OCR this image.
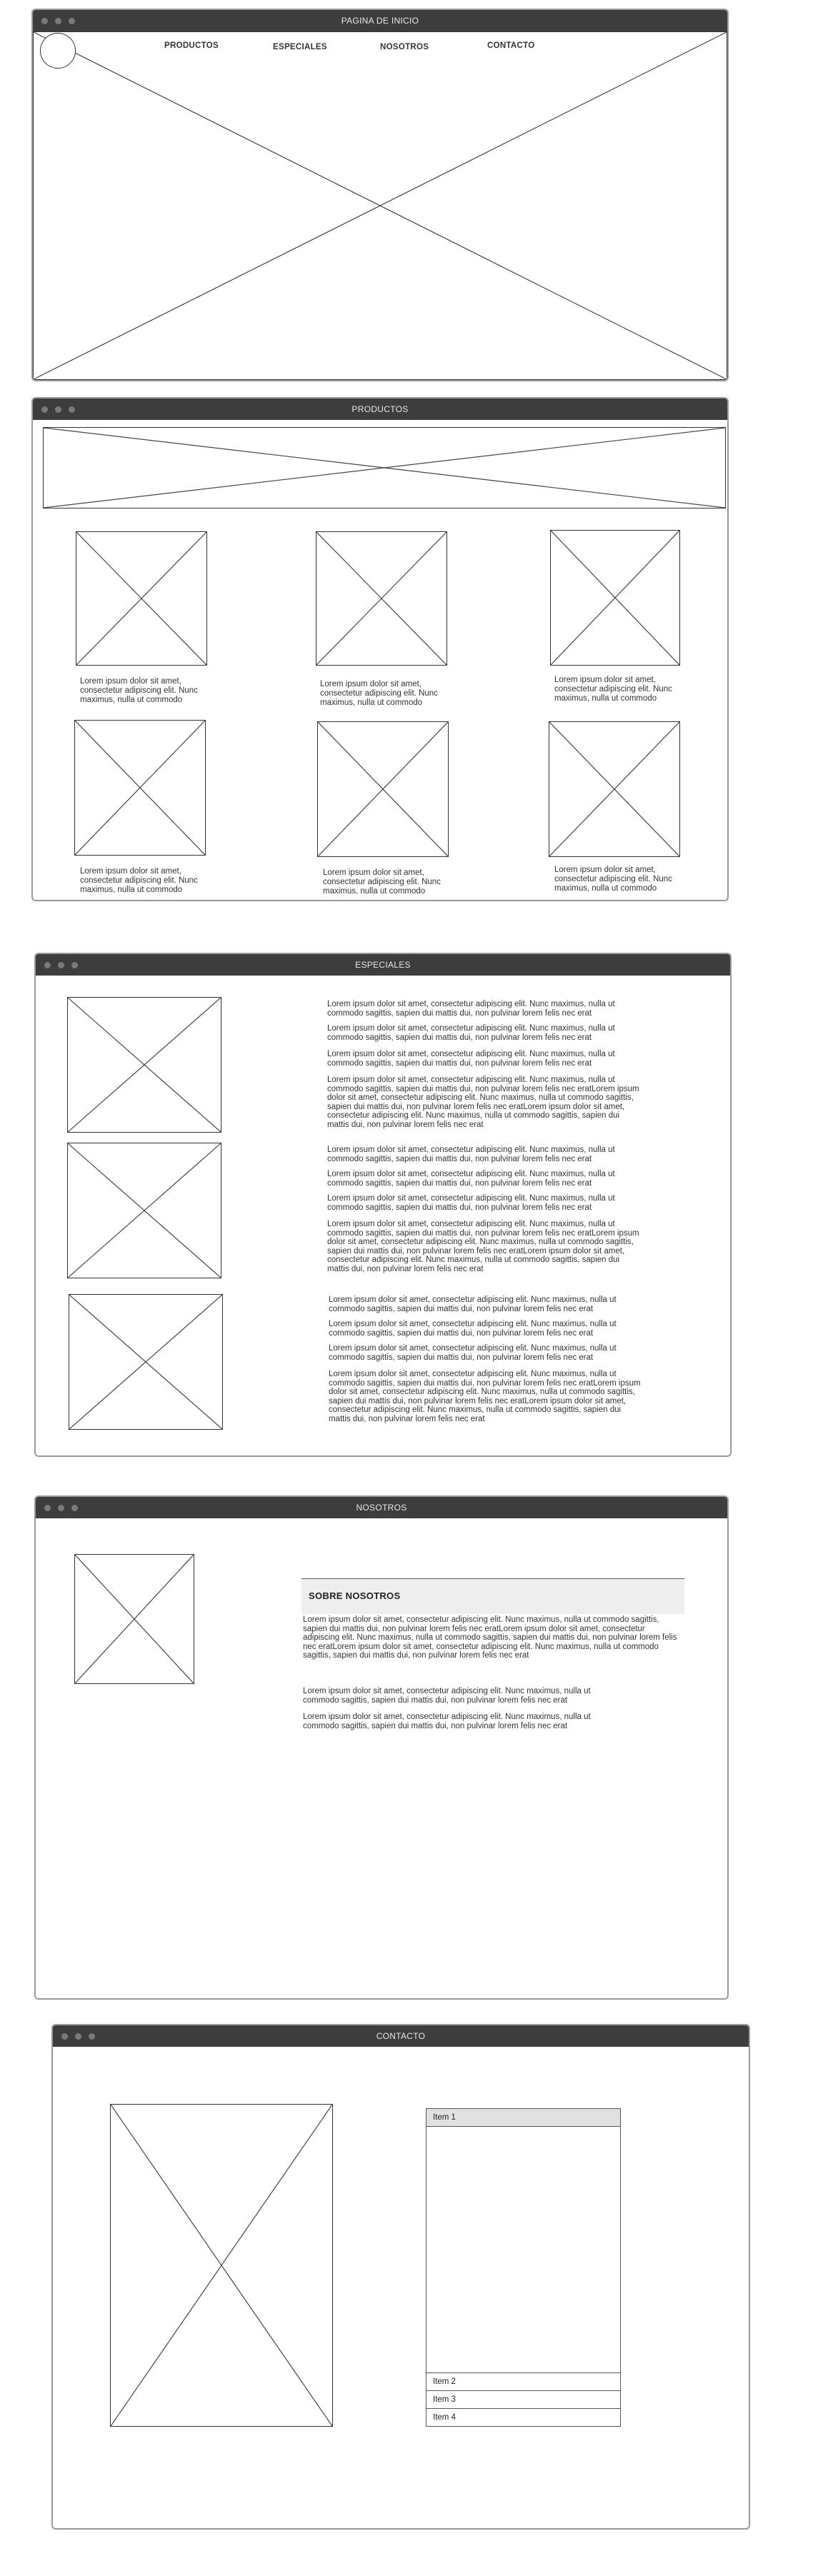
PAGINA DE INICIO
PRODUCTOS	ESPECIALES	NOSOTROS	CONTACTO
PRODUCTOS
Lorem ipsum dolor sit amet, consectetur adipiscing elit. Nunc maximus, nulla ut commodo
Lorem ipsum dolor sit amet, consectetur adipiscing elit. Nunc maximus, nulla ut commodo
Lorem ipsum dolor sit amet, consectetur adipiscing elit. Nunc maximus, nulla ut commodo
Lorem ipsum dolor sit amet, consectetur adipiscing elit. Nunc maximus, nulla ut commodo
Lorem ipsum dolor sit amet, consectetur adipiscing elit. Nunc maximus, nulla ut commodo
Lorem ipsum dolor sit amet, consectetur adipiscing elit. Nunc maximus, nulla ut commodo
ESPECIALES

Lorem ipsum dolor sit amet, consectetur adipiscing elit. Nunc maximus, nulla ut commodo sagittis, sapien dui mattis dui, non pulvinar lorem felis nec erat

Lorem ipsum dolor sit amet, consectetur adipiscing elit. Nunc maximus, nulla ut commodo sagittis, sapien dui mattis dui, non pulvinar lorem felis nec erat

Lorem ipsum dolor sit amet, consectetur adipiscing elit. Nunc maximus, nulla ut commodo sagittis, sapien dui mattis dui, non pulvinar lorem felis nec erat

Lorem ipsum dolor sit amet, consectetur adipiscing elit. Nunc maximus, nulla ut commodo sagittis, sapien dui mattis dui, non pulvinar lorem felis nec eratLorem ipsum dolor sit amet, consectetur adipiscing elit. Nunc maximus, nulla ut commodo sagittis, sapien dui mattis dui, non pulvinar lorem felis nec eratLorem ipsum dolor sit amet, consectetur adipiscing elit. Nunc maximus, nulla ut commodo sagittis, sapien dui mattis dui, non pulvinar lorem felis nec erat

Lorem ipsum dolor sit amet, consectetur adipiscing elit. Nunc maximus, nulla ut commodo sagittis, sapien dui mattis dui, non pulvinar lorem felis nec erat

Lorem ipsum dolor sit amet, consectetur adipiscing elit. Nunc maximus, nulla ut commodo sagittis, sapien dui mattis dui, non pulvinar lorem felis nec erat

Lorem ipsum dolor sit amet, consectetur adipiscing elit. Nunc maximus, nulla ut commodo sagittis, sapien dui mattis dui, non pulvinar lorem felis nec erat

Lorem ipsum dolor sit amet, consectetur adipiscing elit. Nunc maximus, nulla ut commodo sagittis, sapien dui mattis dui, non pulvinar lorem felis nec eratLorem ipsum dolor sit amet, consectetur adipiscing elit. Nunc maximus, nulla ut commodo sagittis, sapien dui mattis dui, non pulvinar lorem felis nec eratLorem ipsum dolor sit amet, consectetur adipiscing elit. Nunc maximus, nulla ut commodo sagittis, sapien dui mattis dui, non pulvinar lorem felis nec erat

Lorem ipsum dolor sit amet, consectetur adipiscing elit. Nunc maximus, nulla ut commodo sagittis, sapien dui mattis dui, non pulvinar lorem felis nec erat

Lorem ipsum dolor sit amet, consectetur adipiscing elit. Nunc maximus, nulla ut commodo sagittis, sapien dui mattis dui, non pulvinar lorem felis nec erat

Lorem ipsum dolor sit amet, consectetur adipiscing elit. Nunc maximus, nulla ut commodo sagittis, sapien dui mattis dui, non pulvinar lorem felis nec erat

Lorem ipsum dolor sit amet, consectetur adipiscing elit. Nunc maximus, nulla ut commodo sagittis, sapien dui mattis dui, non pulvinar lorem felis nec eratLorem ipsum dolor sit amet, consectetur adipiscing elit. Nunc maximus, nulla ut commodo sagittis, sapien dui mattis dui, non pulvinar lorem felis nec eratLorem ipsum dolor sit amet, consectetur adipiscing elit. Nunc maximus, nulla ut commodo sagittis, sapien dui mattis dui, non pulvinar lorem felis nec erat

NOSOTROS
SOBRE NOSOTROS

Lorem ipsum dolor sit amet, consectetur adipiscing elit. Nunc maximus, nulla ut commodo sagittis, sapien dui mattis dui, non pulvinar lorem felis nec eratLorem ipsum dolor sit amet, consectetur adipiscing elit. Nunc maximus, nulla ut commodo sagittis, sapien dui mattis dui, non pulvinar lorem felis nec eratLorem ipsum dolor sit amet, consectetur adipiscing elit. Nunc maximus, nulla ut commodo sagittis, sapien dui mattis dui, non pulvinar lorem felis nec erat

Lorem ipsum dolor sit amet, consectetur adipiscing elit. Nunc maximus, nulla ut commodo sagittis, sapien dui mattis dui, non pulvinar lorem felis nec erat

Lorem ipsum dolor sit amet, consectetur adipiscing elit. Nunc maximus, nulla ut commodo sagittis, sapien dui mattis dui, non pulvinar lorem felis nec erat

CONTACTO
Item 1
Item 2
Item 3
Item 4
